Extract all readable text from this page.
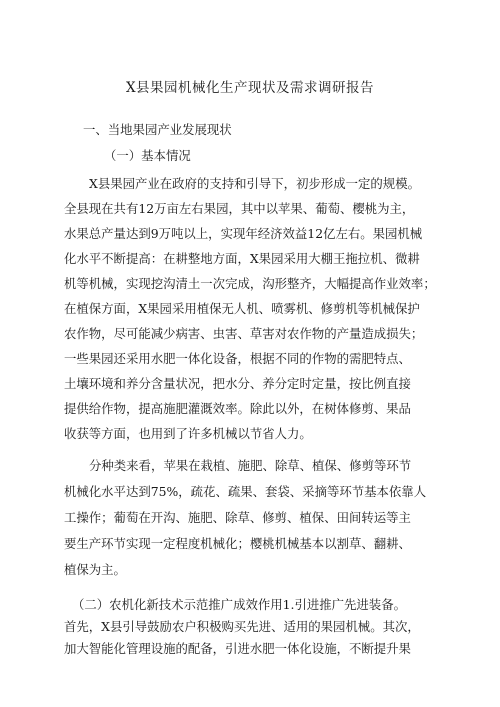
X县果园机械化生产现状及需求调研报告
一、当地果园产业发展现状
（一）基本情况
X县果园产业在政府的支持和引导下，初步形成一定的规模。
全县现在共有12万亩左右果园，其中以苹果、葡萄、樱桃为主，
水果总产量达到9万吨以上，实现年经济效益12亿左右。果园机械
化水平不断提高：在耕整地方面，X果园采用大棚王拖拉机、微耕
机等机械，实现挖沟清土一次完成，沟形整齐，大幅提高作业效率；
在植保方面，X果园采用植保无人机、喷雾机、修剪机等机械保护
农作物，尽可能减少病害、虫害、草害对农作物的产量造成损失；
一些果园还采用水肥一体化设备，根据不同的作物的需肥特点、
土壤环境和养分含量状况，把水分、养分定时定量，按比例直接
提供给作物，提高施肥灌溉效率。除此以外，在树体修剪、果品
收获等方面，也用到了许多机械以节省人力。
分种类来看，苹果在栽植、施肥、除草、植保、修剪等环节
机械化水平达到75%，疏花、疏果、套袋、采摘等环节基本依靠人
工操作；葡萄在开沟、施肥、除草、修剪、植保、田间转运等主
要生产环节实现一定程度机械化；樱桃机械基本以割草、翻耕、
植保为主。
（二）农机化新技术示范推广成效作用1.引进推广先进装备。
首先，X县引导鼓励农户积极购买先进、适用的果园机械。其次，
加大智能化管理设施的配备，引进水肥一体化设施，不断提升果
